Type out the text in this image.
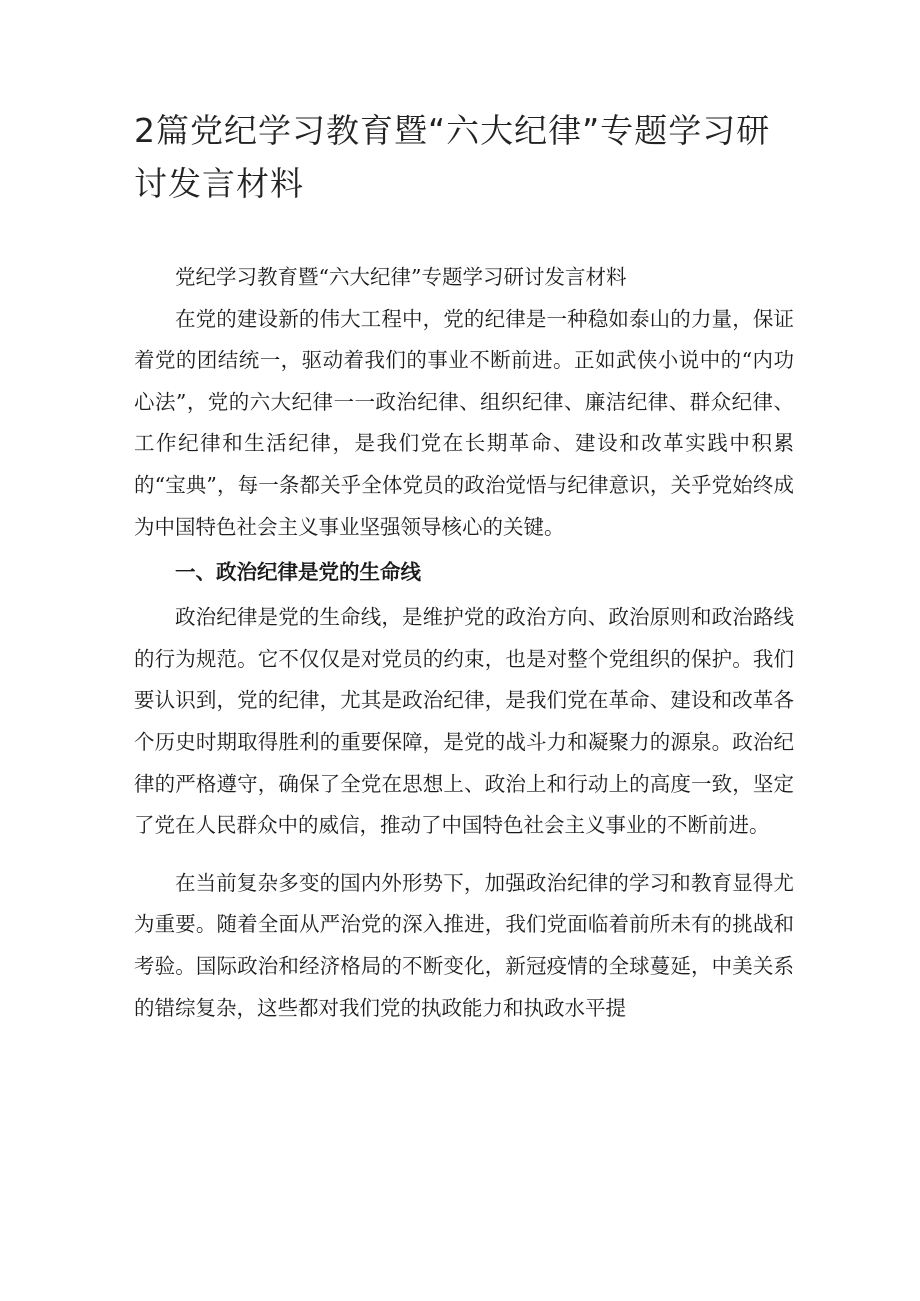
2篇党纪学习教育暨“六大纪律”专题学习研讨发言材料

党纪学习教育暨“六大纪律”专题学习研讨发言材料

在党的建设新的伟大工程中，党的纪律是一种稳如泰山的力量，保证着党的团结统一，驱动着我们的事业不断前进。正如武侠小说中的“内功心法”，党的六大纪律一一政治纪律、组织纪律、廉洁纪律、群众纪律、工作纪律和生活纪律，是我们党在长期革命、建设和改革实践中积累的“宝典”，每一条都关乎全体党员的政治觉悟与纪律意识，关乎党始终成为中国特色社会主义事业坚强领导核心的关键。

一、政治纪律是党的生命线

政治纪律是党的生命线，是维护党的政治方向、政治原则和政治路线的行为规范。它不仅仅是对党员的约束，也是对整个党组织的保护。我们要认识到，党的纪律，尤其是政治纪律，是我们党在革命、建设和改革各个历史时期取得胜利的重要保障，是党的战斗力和凝聚力的源泉。政治纪律的严格遵守，确保了全党在思想上、政治上和行动上的高度一致，坚定了党在人民群众中的威信，推动了中国特色社会主义事业的不断前进。

在当前复杂多变的国内外形势下，加强政治纪律的学习和教育显得尤为重要。随着全面从严治党的深入推进，我们党面临着前所未有的挑战和考验。国际政治和经济格局的不断变化，新冠疫情的全球蔓延，中美关系的错综复杂，这些都对我们党的执政能力和执政水平提
